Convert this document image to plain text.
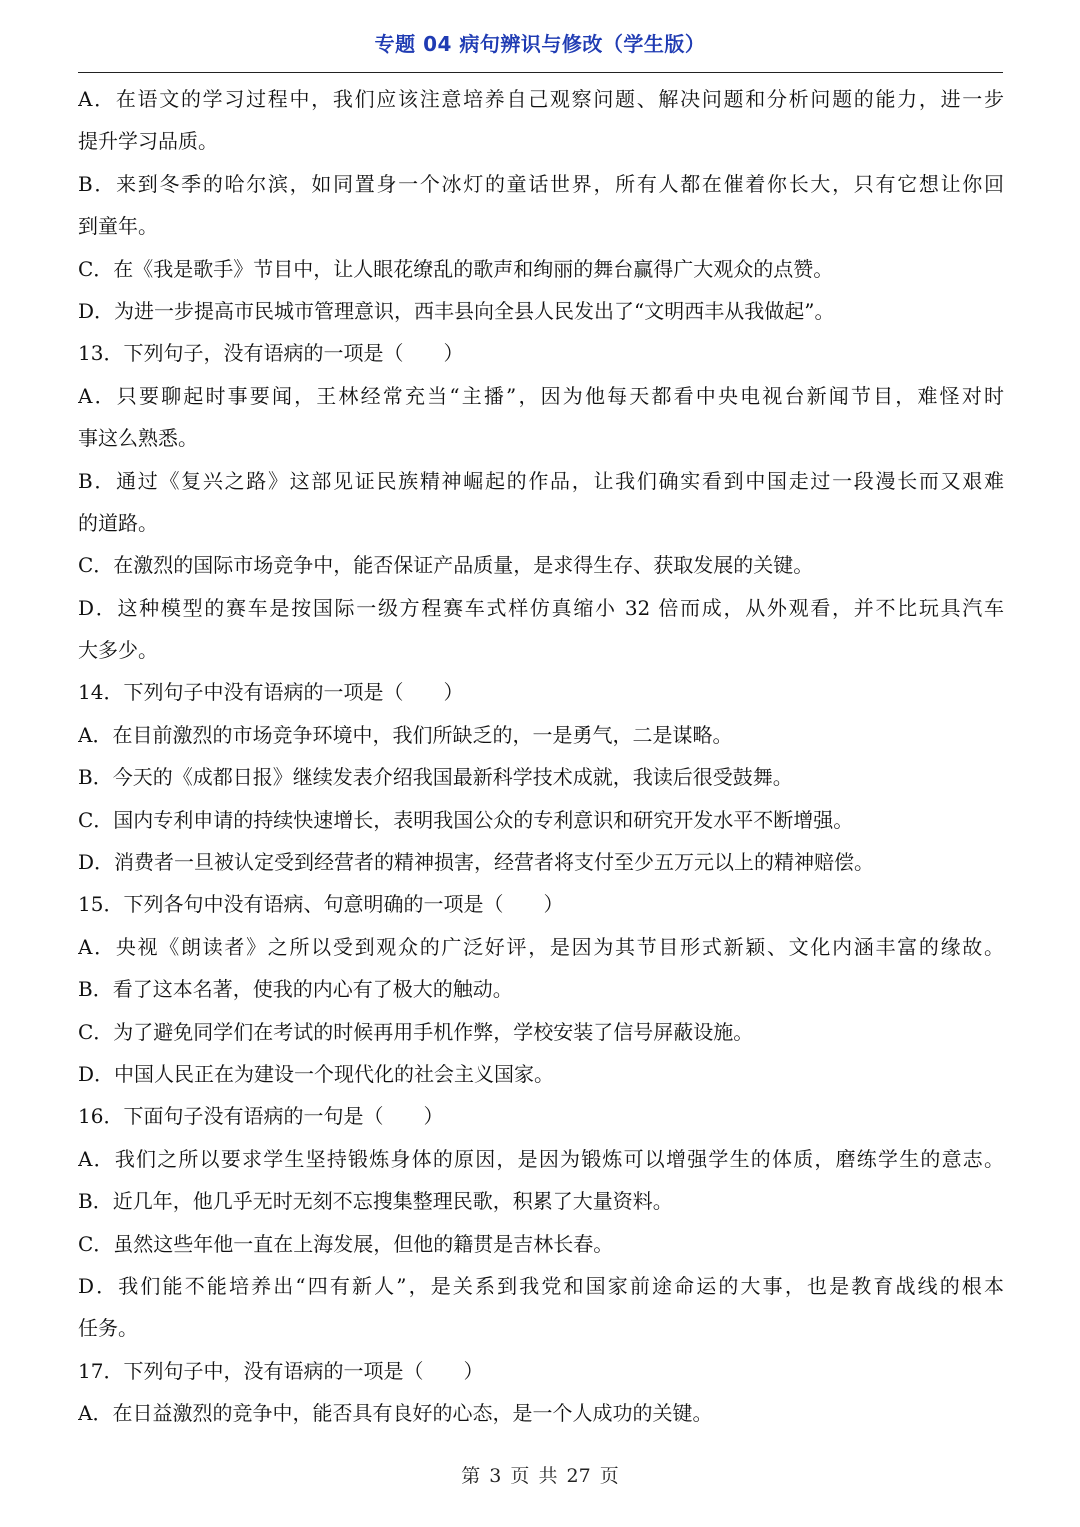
专题 04 病句辨识与修改（学生版）
A．在语文的学习过程中，我们应该注意培养自己观察问题、解决问题和分析问题的能力，进一步
提升学习品质。
B．来到冬季的哈尔滨，如同置身一个冰灯的童话世界，所有人都在催着你长大，只有它想让你回
到童年。
C．在《我是歌手》节目中，让人眼花缭乱的歌声和绚丽的舞台赢得广大观众的点赞。
D．为进一步提高市民城市管理意识，西丰县向全县人民发出了“文明西丰从我做起”。
13．下列句子，没有语病的一项是（　　）
A．只要聊起时事要闻，王林经常充当“主播”，因为他每天都看中央电视台新闻节目，难怪对时
事这么熟悉。
B．通过《复兴之路》这部见证民族精神崛起的作品，让我们确实看到中国走过一段漫长而又艰难
的道路。
C．在激烈的国际市场竞争中，能否保证产品质量，是求得生存、获取发展的关键。
D．这种模型的赛车是按国际一级方程赛车式样仿真缩小 32 倍而成，从外观看，并不比玩具汽车
大多少。
14．下列句子中没有语病的一项是（　　）
A．在目前激烈的市场竞争环境中，我们所缺乏的，一是勇气，二是谋略。
B．今天的《成都日报》继续发表介绍我国最新科学技术成就，我读后很受鼓舞。
C．国内专利申请的持续快速增长，表明我国公众的专利意识和研究开发水平不断增强。
D．消费者一旦被认定受到经营者的精神损害，经营者将支付至少五万元以上的精神赔偿。
15．下列各句中没有语病、句意明确的一项是（　　）
A．央视《朗读者》之所以受到观众的广泛好评，是因为其节目形式新颖、文化内涵丰富的缘故。
B．看了这本名著，使我的内心有了极大的触动。
C．为了避免同学们在考试的时候再用手机作弊，学校安装了信号屏蔽设施。
D．中国人民正在为建设一个现代化的社会主义国家。
16．下面句子没有语病的一句是（　　）
A．我们之所以要求学生坚持锻炼身体的原因，是因为锻炼可以增强学生的体质，磨练学生的意志。
B．近几年，他几乎无时无刻不忘搜集整理民歌，积累了大量资料。
C．虽然这些年他一直在上海发展，但他的籍贯是吉林长春。
D．我们能不能培养出“四有新人”，是关系到我党和国家前途命运的大事，也是教育战线的根本
任务。
17．下列句子中，没有语病的一项是（　　）
A．在日益激烈的竞争中，能否具有良好的心态，是一个人成功的关键。
第 3 页 共 27 页
